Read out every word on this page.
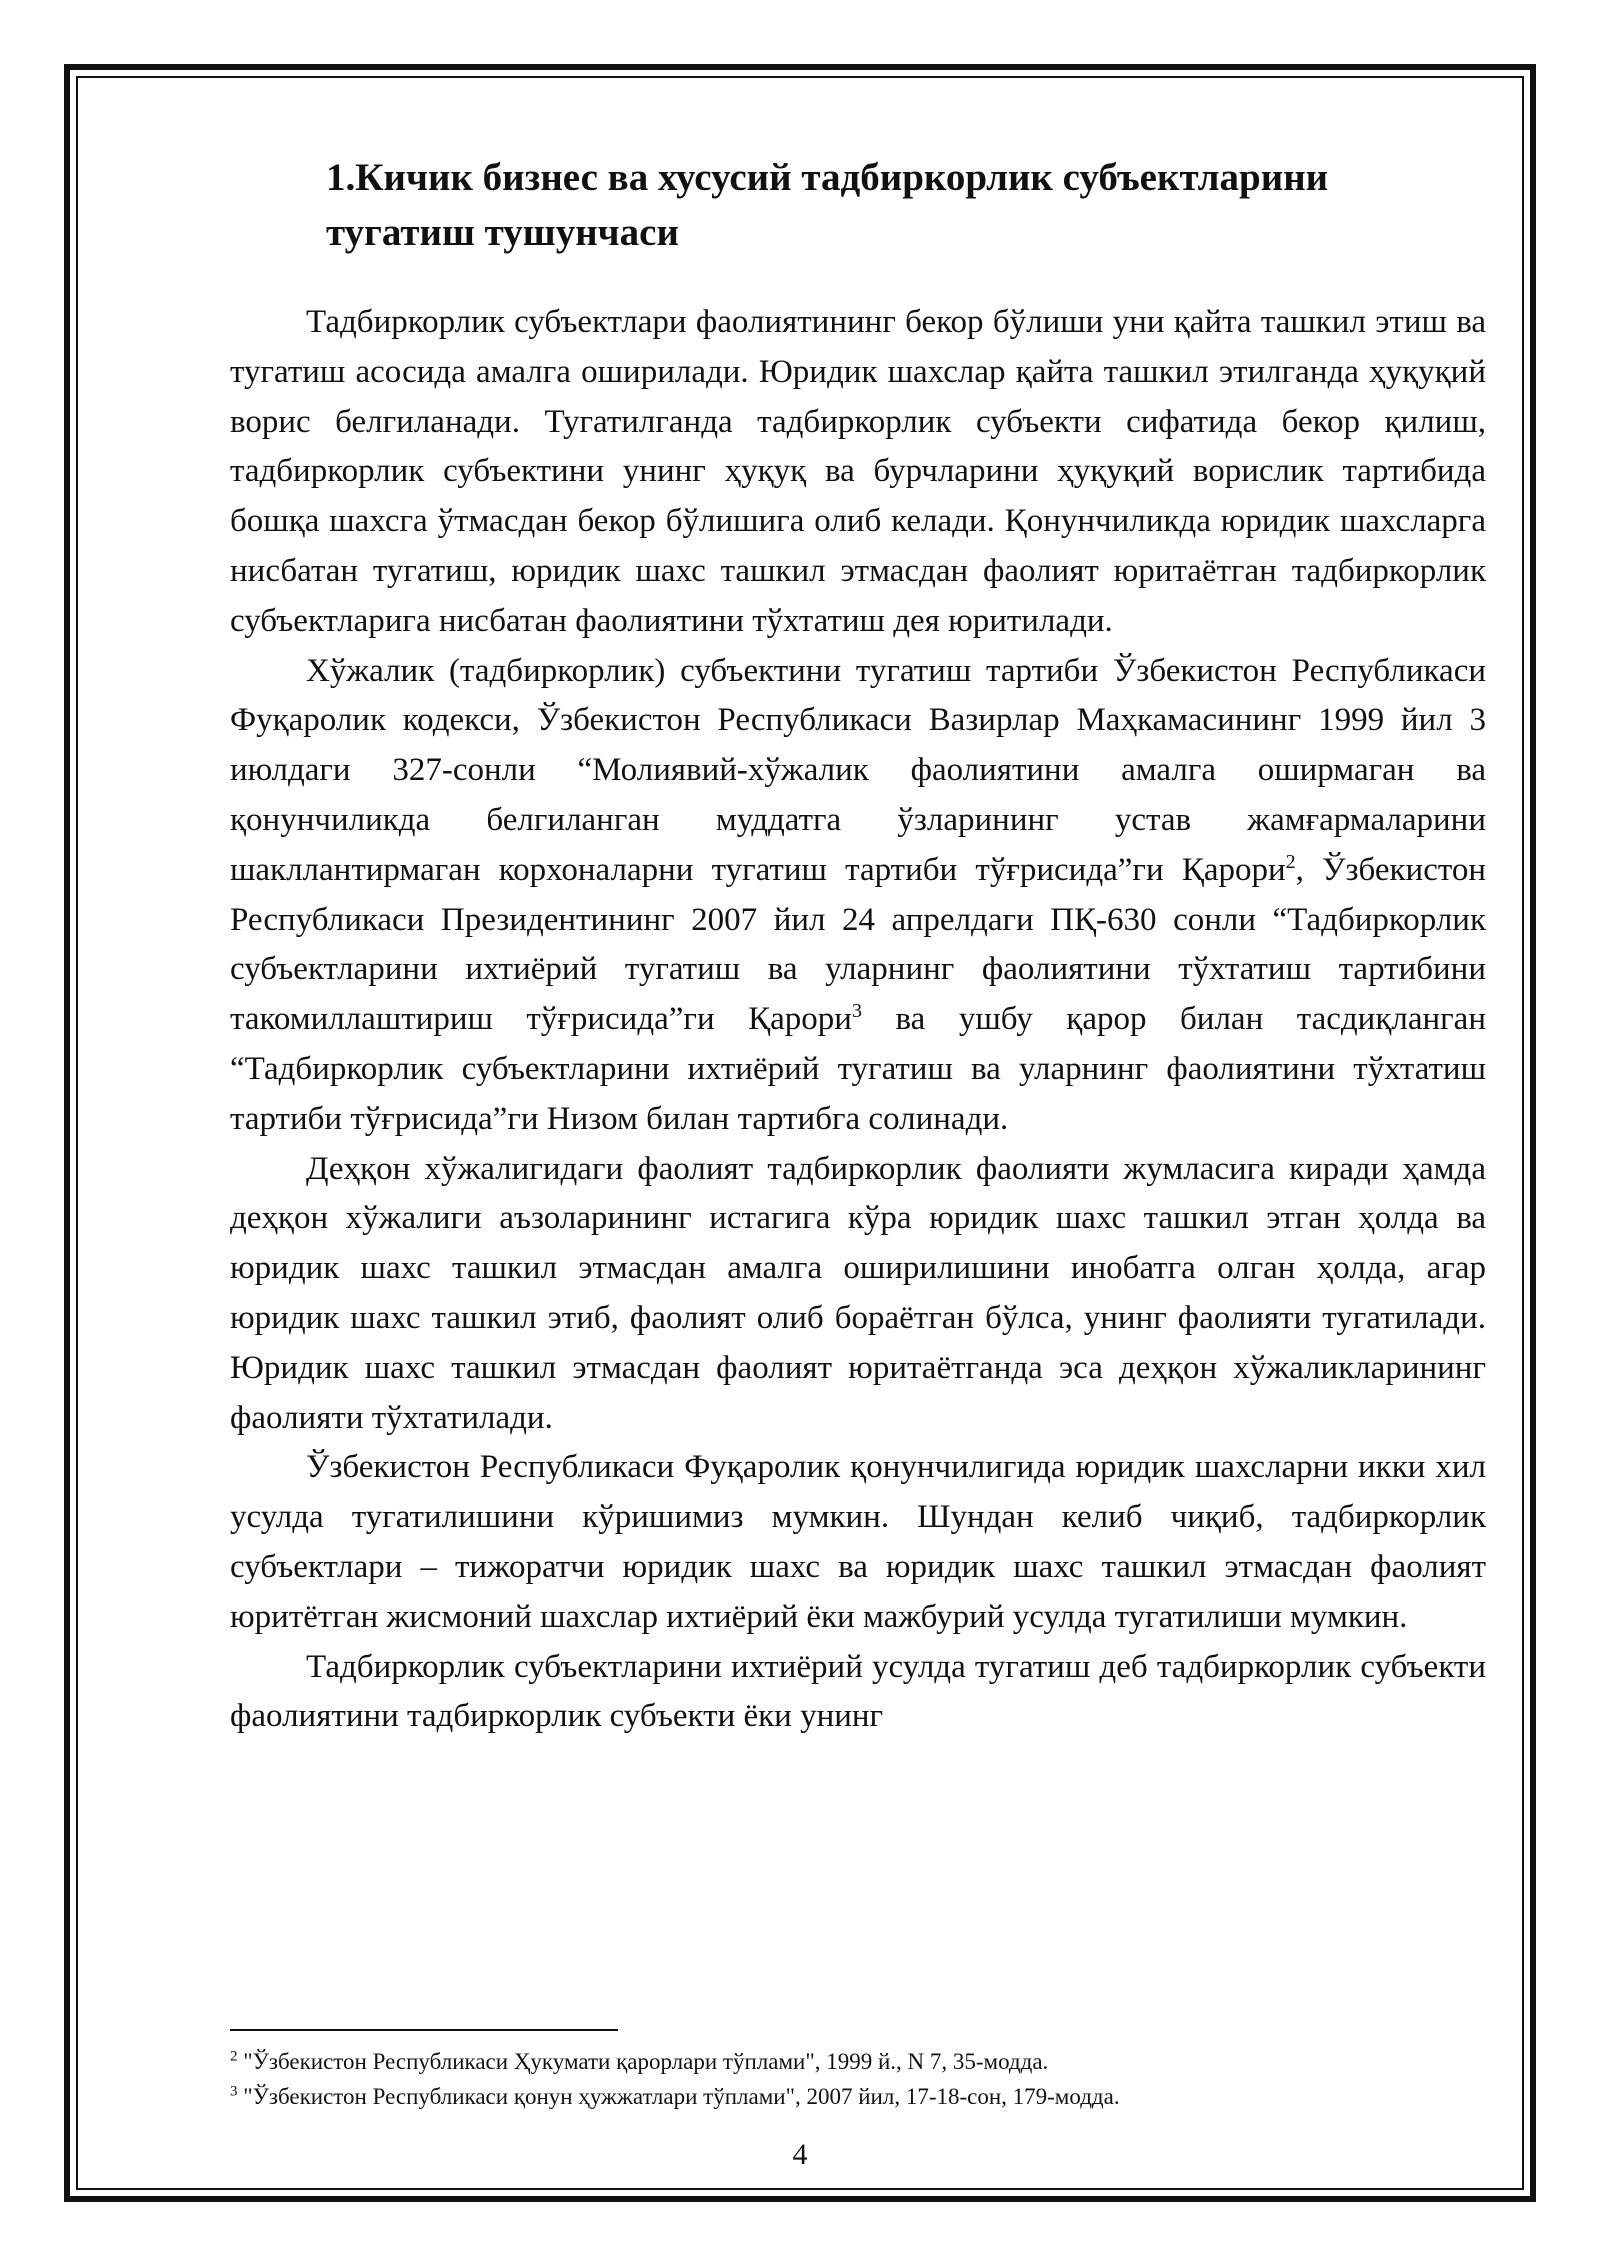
1.Кичик бизнес ва хусусий тадбиркорлик субъектларини тугатиш тушунчаси

Тадбиркорлик субъектлари фаолиятининг бекор бўлиши уни қайта ташкил этиш ва тугатиш асосида амалга оширилади. Юридик шахслар қайта ташкил этилганда ҳуқуқий ворис белгиланади. Тугатилганда тадбиркорлик субъекти сифатида бекор қилиш, тадбиркорлик субъектини унинг ҳуқуқ ва бурчларини ҳуқуқий ворислик тартибида бошқа шахсга ўтмасдан бекор бўлишига олиб келади. Қонунчиликда юридик шахсларга нисбатан тугатиш, юридик шахс ташкил этмасдан фаолият юритаётган тадбиркорлик субъектларига нисбатан фаолиятини тўхтатиш дея юритилади.

Хўжалик (тадбиркорлик) субъектини тугатиш тартиби Ўзбекистон Республикаси Фуқаролик кодекси, Ўзбекистон Республикаси Вазирлар Маҳкамасининг 1999 йил 3 июлдаги 327-сонли “Молиявий-хўжалик фаолиятини амалга оширмаган ва қонунчиликда белгиланган муддатга ўзларининг устав жамғармаларини шакллантирмаган корхоналарни тугатиш тартиби тўғрисида”ги Қарори$^2$, Ўзбекистон Республикаси Президентининг 2007 йил 24 апрелдаги ПҚ-630 сонли “Тадбиркорлик субъектларини ихтиёрий тугатиш ва уларнинг фаолиятини тўхтатиш тартибини такомиллаштириш тўғрисида”ги Қарори$^3$ ва ушбу қарор билан тасдиқланган “Тадбиркорлик субъектларини ихтиёрий тугатиш ва уларнинг фаолиятини тўхтатиш тартиби тўғрисида”ги Низом билан тартибга солинади.

Деҳқон хўжалигидаги фаолият тадбиркорлик фаолияти жумласига киради ҳамда деҳқон хўжалиги аъзоларининг истагига кўра юридик шахс ташкил этган ҳолда ва юридик шахс ташкил этмасдан амалга оширилишини инобатга олган ҳолда, агар юридик шахс ташкил этиб, фаолият олиб бораётган бўлса, унинг фаолияти тугатилади. Юридик шахс ташкил этмасдан фаолият юритаётганда эса деҳқон хўжаликларининг фаолияти тўхтатилади.

Ўзбекистон Республикаси Фуқаролик қонунчилигида юридик шахсларни икки хил усулда тугатилишини кўришимиз мумкин. Шундан келиб чиқиб, тадбиркорлик субъектлари – тижоратчи юридик шахс ва юридик шахс ташкил этмасдан фаолият юритётган жисмоний шахслар ихтиёрий ёки мажбурий усулда тугатилиши мумкин.

Тадбиркорлик субъектларини ихтиёрий усулда тугатиш деб тадбиркорлик субъекти фаолиятини тадбиркорлик субъекти ёки унинг

$^2$ "Ўзбекистон Республикаси Ҳукумати қарорлари тўплами", 1999 й., N 7, 35-модда.
$^3$ "Ўзбекистон Республикаси қонун ҳужжатлари тўплами", 2007 йил, 17-18-сон, 179-модда.
4
